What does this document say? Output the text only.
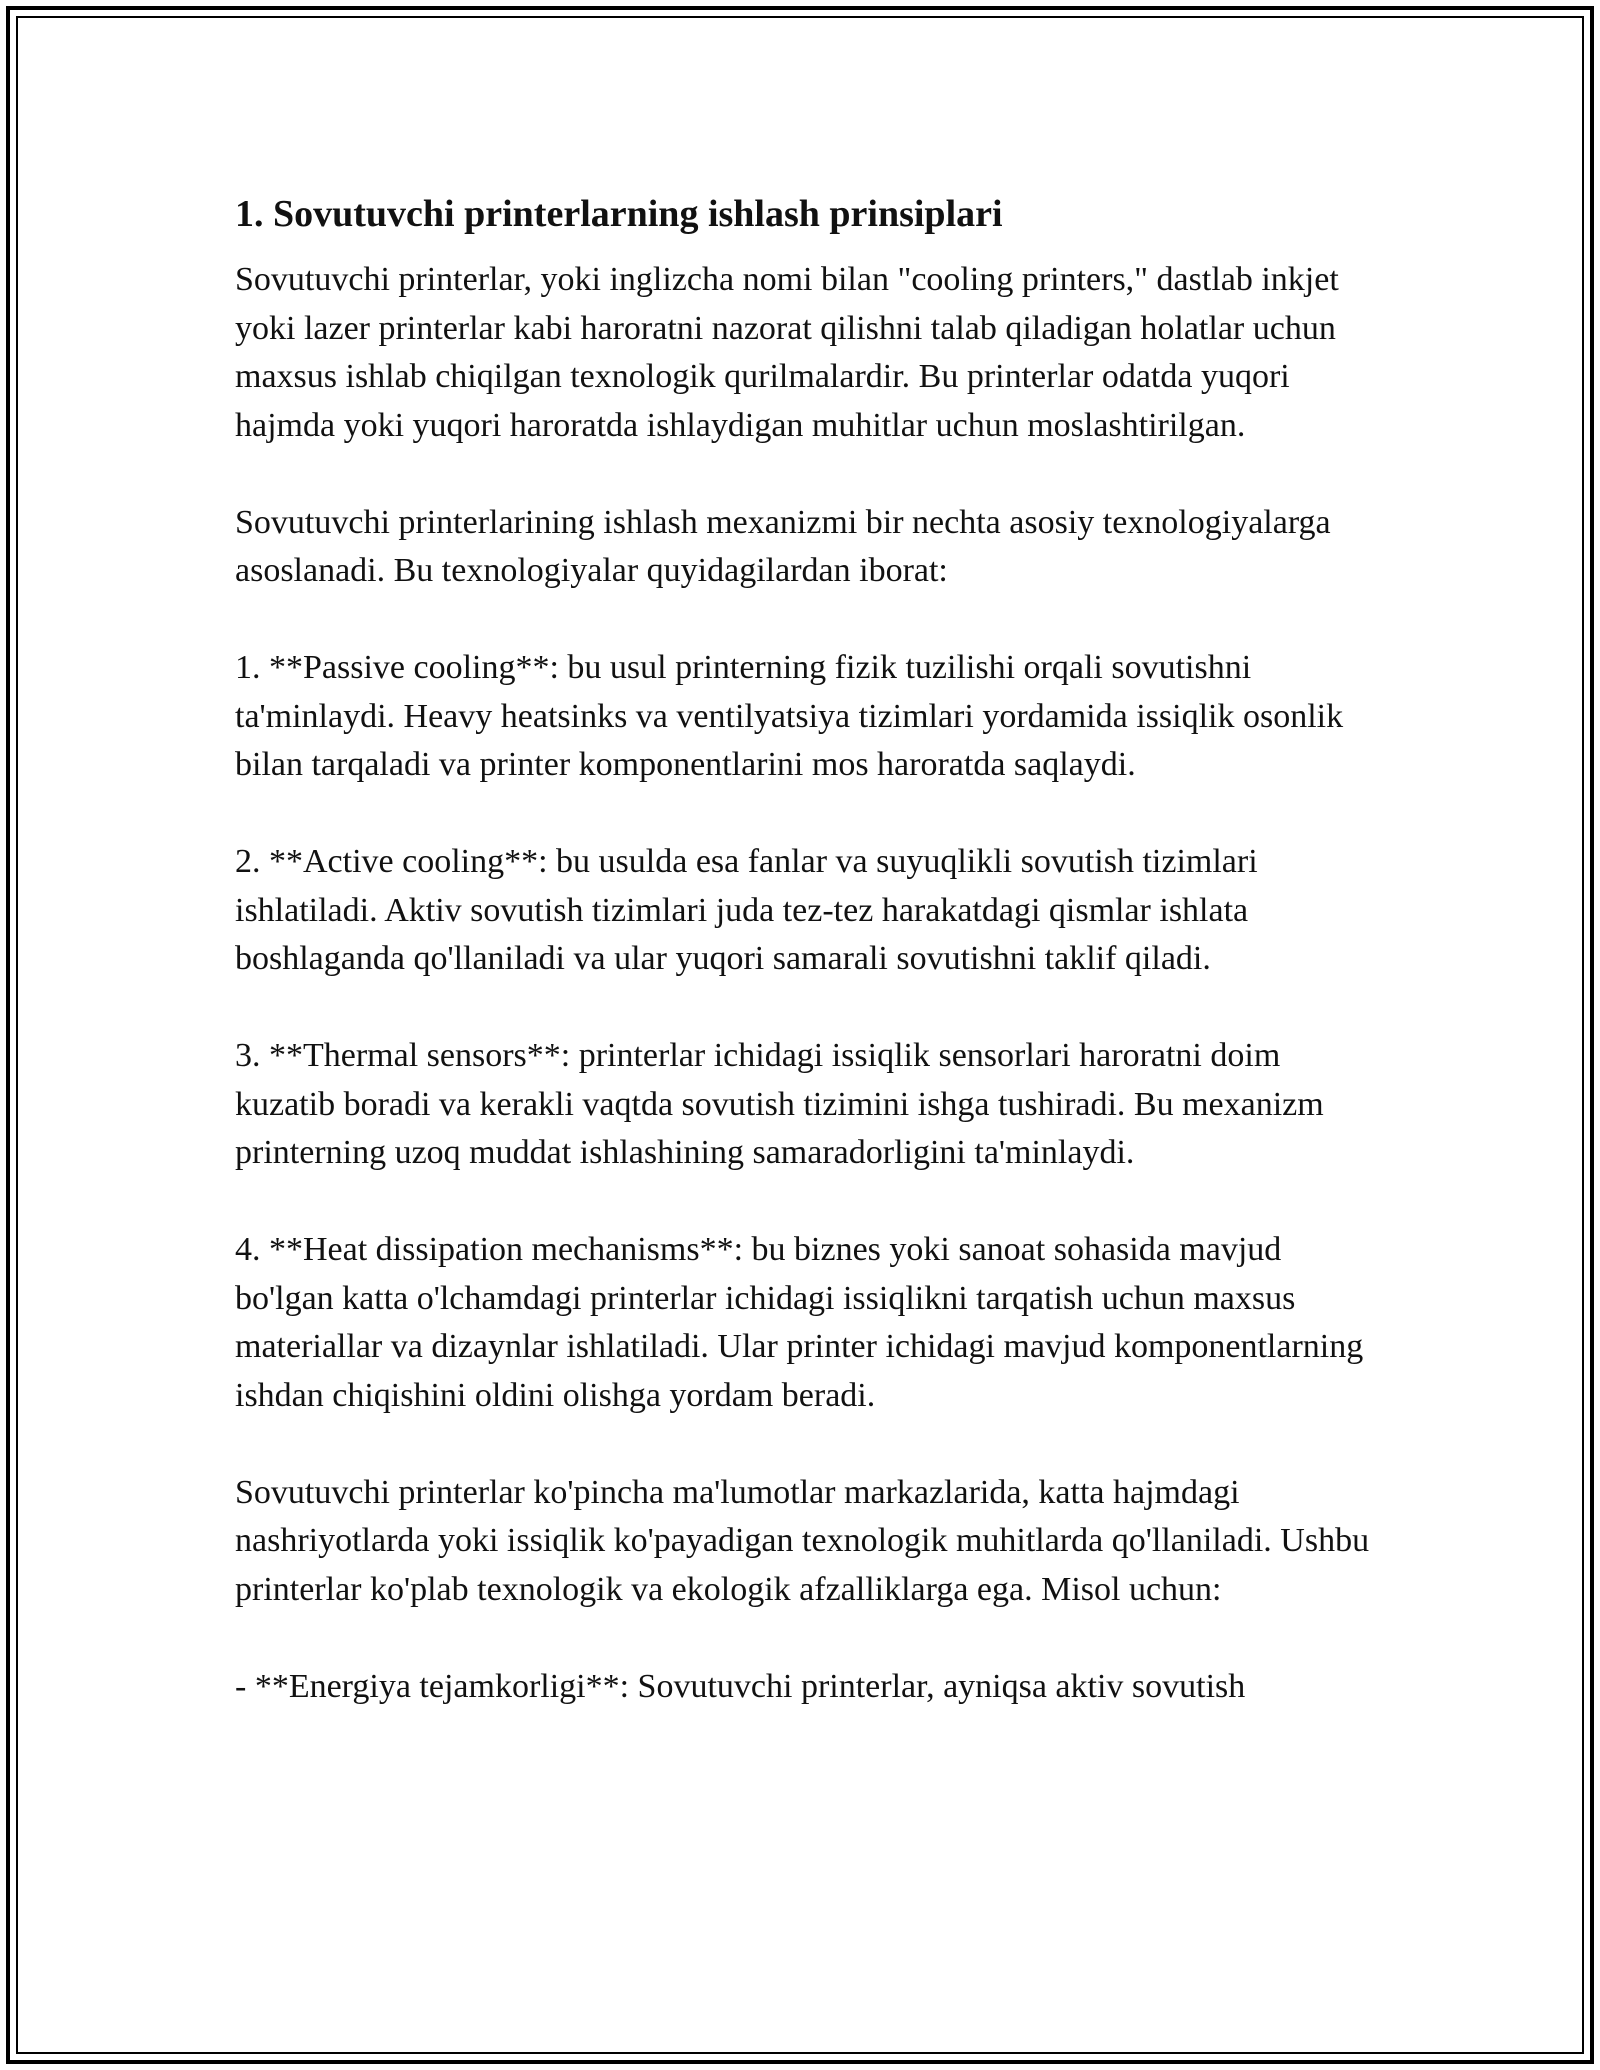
1. Sovutuvchi printerlarning ishlash prinsiplari

Sovutuvchi printerlar, yoki inglizcha nomi bilan "cooling printers," dastlab inkjet yoki lazer printerlar kabi haroratni nazorat qilishni talab qiladigan holatlar uchun maxsus ishlab chiqilgan texnologik qurilmalardir. Bu printerlar odatda yuqori hajmda yoki yuqori haroratda ishlaydigan muhitlar uchun moslashtirilgan.

Sovutuvchi printerlarining ishlash mexanizmi bir nechta asosiy texnologiyalarga asoslanadi. Bu texnologiyalar quyidagilardan iborat:

1. **Passive cooling**: bu usul printerning fizik tuzilishi orqali sovutishni ta'minlaydi. Heavy heatsinks va ventilyatsiya tizimlari yordamida issiqlik osonlik bilan tarqaladi va printer komponentlarini mos haroratda saqlaydi.

2. **Active cooling**: bu usulda esa fanlar va suyuqlikli sovutish tizimlari ishlatiladi. Aktiv sovutish tizimlari juda tez-tez harakatdagi qismlar ishlata boshlaganda qo'llaniladi va ular yuqori samarali sovutishni taklif qiladi.

3. **Thermal sensors**: printerlar ichidagi issiqlik sensorlari haroratni doim kuzatib boradi va kerakli vaqtda sovutish tizimini ishga tushiradi. Bu mexanizm printerning uzoq muddat ishlashining samaradorligini ta'minlaydi.

4. **Heat dissipation mechanisms**: bu biznes yoki sanoat sohasida mavjud bo'lgan katta o'lchamdagi printerlar ichidagi issiqlikni tarqatish uchun maxsus materiallar va dizaynlar ishlatiladi. Ular printer ichidagi mavjud komponentlarning ishdan chiqishini oldini olishga yordam beradi.

Sovutuvchi printerlar ko'pincha ma'lumotlar markazlarida, katta hajmdagi nashriyotlarda yoki issiqlik ko'payadigan texnologik muhitlarda qo'llaniladi. Ushbu printerlar ko'plab texnologik va ekologik afzalliklarga ega. Misol uchun:

- **Energiya tejamkorligi**: Sovutuvchi printerlar, ayniqsa aktiv sovutish
